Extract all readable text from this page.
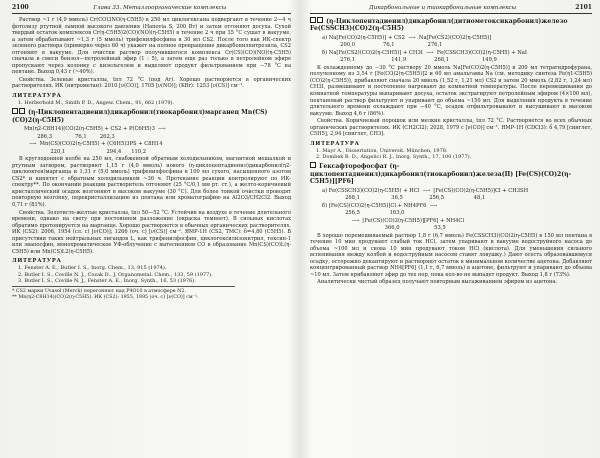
2100	Глава 33. Металлоорганические комплексы

Раствор ~1 г (4,9 ммоль) Cr(CO)3NO(η-C5H5) в 250 мл циклогексана подвергают в течение 2—4 ч фотолизу ртутной лампой высокого давления (Hanovia S, 200 Вт) и затем отгоняют досуха. Сухой твердый остаток комплексов Cr(η-C5H5)2(CO)(NO)(η-C5H5) в течение 2 ч при 35 °С сушат в вакууме, а затем обрабатывают ~1,3 г (5 ммоль) трифенилфосфина в 30 мл CS2. После того как ИК-спектр зеленого раствора (примерно через 60 ч) укажет на полное превращение дикарбонилнитрозила, CS2 отгоняют в вакууме. Для очистки раствор получившегося комплекса Cr(CS)(CO)(NO)(η-C5H5) сначала в смеси бензол—петролейный эфир (1 : 5), а затем еще раз только в петролейном эфире пропускают через колонку с кизельгелем и выделяют продукт фильтрованием при −78 °С на пентане. Выход 0,43 г (~40%).

Свойства. Зеленые кристаллы, tпл 72 °С (под Ar). Хорошо растворяется в органических растворителях. ИК (нитрометан): 2010 [ν(CO)], 1705 [ν(NO)]; (KBr): 1253 [ν(CS)] см⁻¹.

ЛИТЕРАТУРА
1. Herberhold M., Smith P. D., Angew. Chem., 91, 662 (1979).
(η-Циклопентадиенил)дикарбонил(тиокарбонил)марганец Mn(CS)(CO)2(η-C5H5)
Mn(η2-C8H14)(CO)2(η-C5H5) + CS2 + P(C6H5)3  ⟶
286,3              76,1        262,3
⟶  Mn(CS)(CO)2(η-C5H5) + (C6H5)3PS + C8H14
220,1                         294,4      110,2

В круглодонной колбе на 250 мл, снабженной обратным холодильником, магнитной мешалкой и ртутным затвором, растворяют 1,15 г (4,0 ммоль) нового (η-циклопентадиенил)дикарбонил(η2-циклооктен)марганца и 1,31 г (5,0 ммоль) трифенилфосфина в 100 мл сухого, насыщенного азотом CS2* и кипятят с обратным холодильником ~36 ч. Протекание реакции контролируют по ИК-спектру**. По окончании реакции растворитель отгоняют (25 °С/0,1 мм рт. ст.), а желто-коричневый кристаллический осадок возгоняют в высоком вакууме (30 °С). Для более тонкой очистки проводят повторную возгонку, перекристаллизацию из пентана или хроматографию на Al2O3/CH2Cl2. Выход 0,71 г (81%).

Свойства. Золотисто-желтые кристаллы, tпл 50—52 °С. Устойчив на воздухе в течение длительного времени, однако на свету при постоянном разложение (окраска темнеет). В сильных кислотах обратимо протонируется на марганце. Хорошо растворяется в обычных органических растворителях. ИК (CS2): 2006, 1954 (сл. с) [ν(CO)]; 1266 (оч. с) [ν(CS)] см⁻¹. ЯМР-1Н (CS2, TMC): δ=4,80 (C5H5). В присутствии таких нейтральных лигандов L, как трифенилфосфин, циклогексилизонитрил, гексин-1 или эвапосфин, монохроматическое УФ-облучение с вытеснением СО в образование Mn(CS)(CO)L(η-C5H5) или Mn(CS)L2(η-C5H5).

ЛИТЕРАТУРА
1. Fenster A. E., Butler I. S., Inorg. Chem., 13, 915 (1974).
2. Butler I. S., Coville N. J., Cozak D., J. Organometal. Chem., 133, 59 (1977).
3. Butler I. S., Coville N. J., Fenster A. E., Inorg. Synth., 16, 53 (1976).

* CS2 марки Uvasol (Merck) перегоняют над P4O10 в атмосфере N2.

** Mn(η2-C8H14)(CO)2(η-C5H5). ИК (CS2): 1955, 1895 (оч. с) [ν(CO)] см⁻¹.

Дикарбонильные и тиокарбонильные комплексы	2101
(η-Циклопентадиенил)дикарбонил(дитиометоксикарбонил)железо Fe(CSSCH3)(CO)2(η-C5H5)
а) Na[Fe(CO)2(η-C5H5)] + CS2  ⟶  Na[Fe(CS2)(CO)2(η-C5H5)]
200,0                 76,1                    276,1
б) Na[Fe(CS2)(CO)2(η-C5H5)] + CH3I  ⟶  Fe(CSSCH3)(CO)2(η-C5H5) + NaI
276,1                      141,9                 268,1                    149,9

К охлажденному до −30 °С раствору 20 ммоль Na[Fe(CO)2(η-C5H5)] в 200 мл тетрагидрофурана, полученному из 3,54 г [Fe(CO)2(η-C5H5)]2 и 60 мл амальгамы Na (см. методику синтеза Fe(η1-C5H5)(CO)2(η-C5H5)), прибавляют сначала 20 ммоль (1,52 г, 1,21 мл) CS2 и затем 20 ммоль (2,82 г, 1,24 мл) CH3I, размешивают и постепенно нагревают до комнатной температуры. После перемешивания до комнатной температуры выпаривают досуха, остаток экстрагируют петролейным эфиром (4×100 мл), пентановый раствор фильтруют и упаривают до объема ~150 мл. Для выделения продукта в течение длительного времени охлаждают при −40 °С, осадок отфильтровывают и высушивают в высоком вакууме. Выход 4,6 г (86%).

Свойства. Коричневый порошок или мелкие кристаллы, tпл 72 °С. Растворяется во всех обычных органических растворителях. ИК (CH2Cl2): 2028, 1979 с [ν(CO)] см⁻¹. ЯМР-1Н (CDCl3): δ 4,79 [синглет, C5H5], 2,94 [синглет, CH3].

ЛИТЕРАТУРА
1. Mayr A., Dissertation, Universit. München, 1978.
2. Dombek B. D., Angelici R. J., Inorg. Synth., 17, 100 (1977).
Гексафторофосфат (η-циклопентадиенил)дикарбонил(тиокарбонил)железа(II) [Fe(CS)(CO)2(η-C5H5)][PF6]
а) Fe(CSSCH3)(CO)2(η-C5H5) + HCl  ⟶  [Fe(CS)(CO)2(η-C5H5)]Cl + CH3SH
268,1                   36,5                256,5                  48,1
б) [Fe(CS)(CO)2(η-C5H5)]Cl + NH4PF6  ⟶
256,5                  163,0
⟶  [Fe(CS)(CO)2(η-C5H5)][PF6] + NH4Cl
366,0                     53,5

В хорошо перемешиваемый раствор 1,8 г (6,7 ммоль) Fe(CSSCH3)(CO)2(η-C5H5) в 150 мл пентана в течение 10 мин продувают слабый ток HCl, затем упаривают в вакууме водоструйного насоса до объема ~100 мл и снова 10 мин продувают током HCl (кислота). Для уменьшения сильного вспенивания между колбой и водоструйным насосом ставят ловушку.) Дают осесть образовавшемуся осадку, осторожно декантируют и растворяют остаток в минимальном количестве ацетона. Добавляют концентрированный раствор NH4[PF6] (1,1 г, 6,7 ммоль) в ацетоне, фильтруют и упаривают до объема ~10 мл. Затем прибавляют эфир до тех пор, пока кол-во не выпадет продукт. Выход 1,8 г (73%).

Аналитически чистый образец получают повторным высаживанием эфиром из ацетона.
